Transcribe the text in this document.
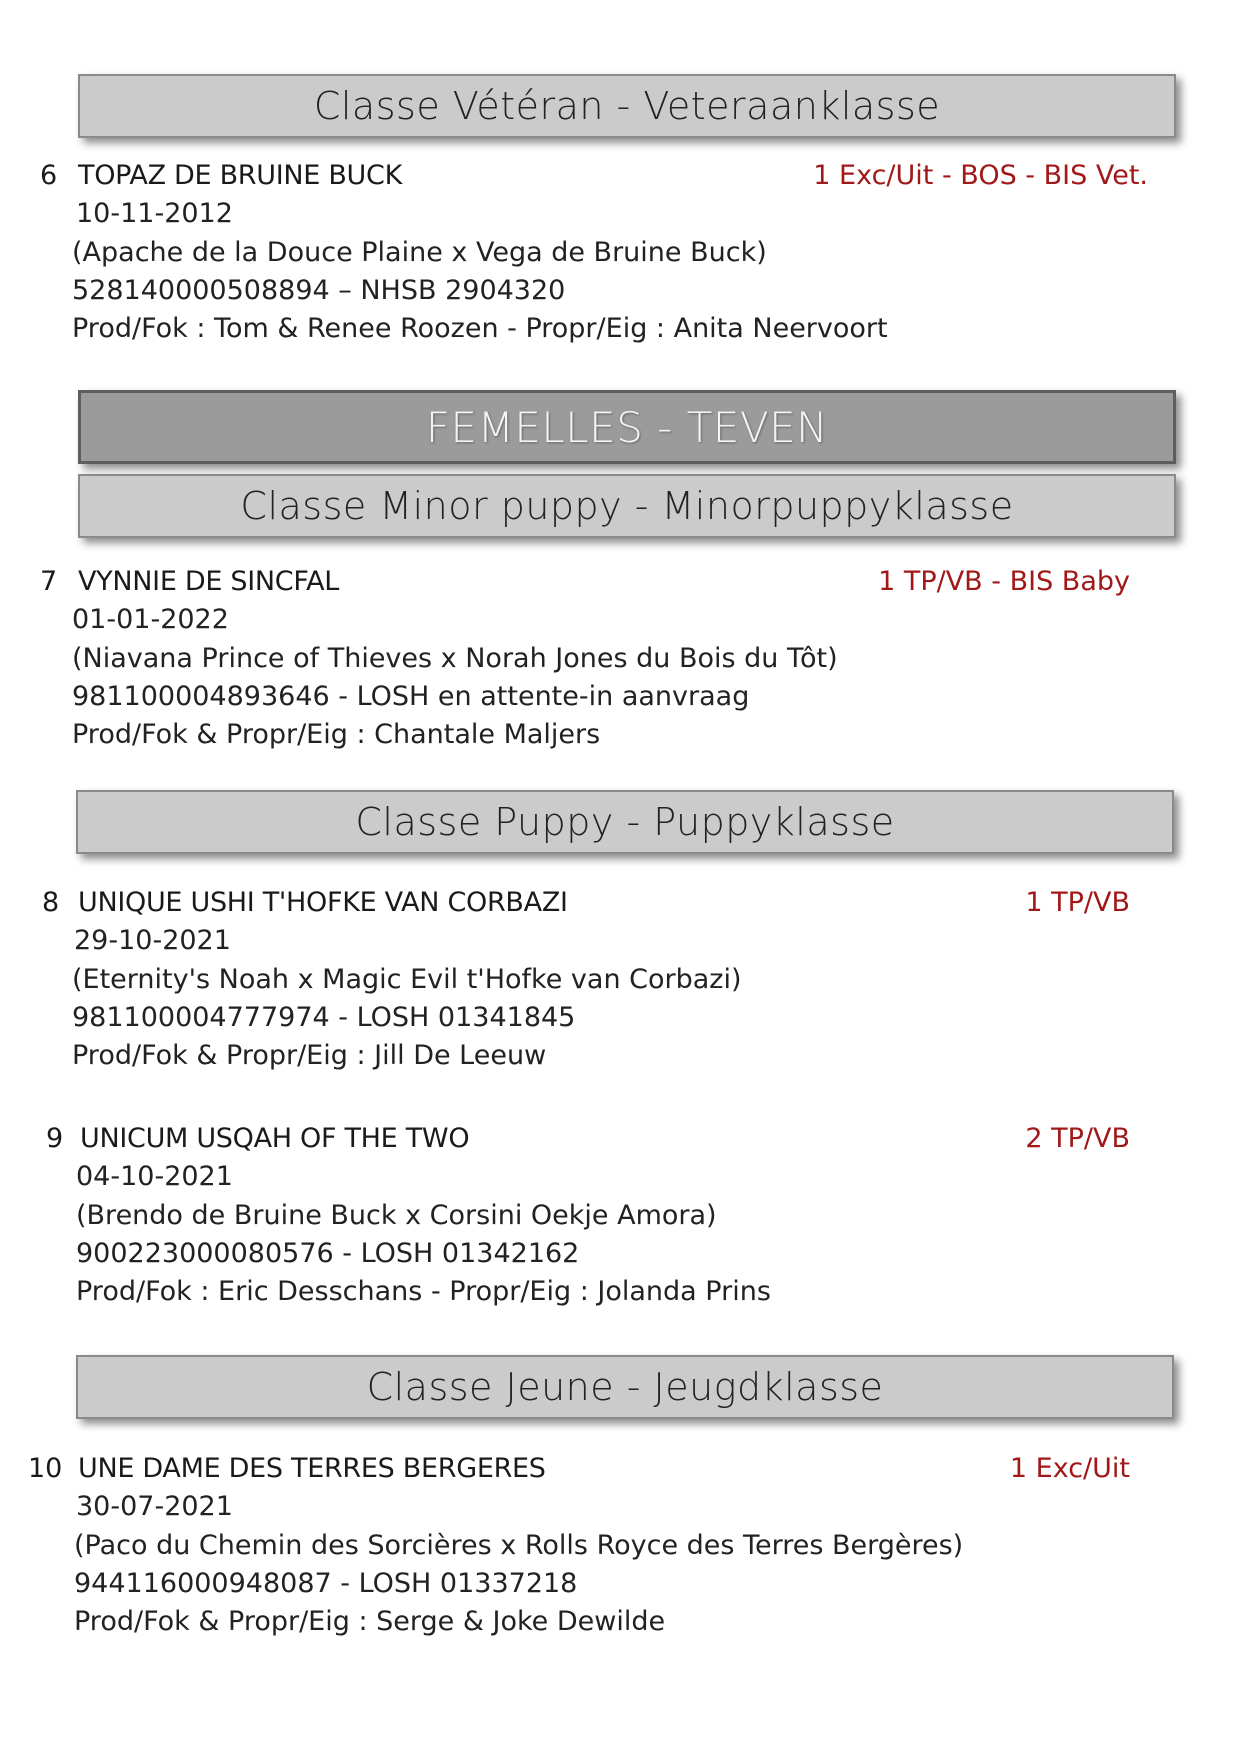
Classe Vétéran - Veteraanklasse
FEMELLES - TEVEN
Classe Minor puppy - Minorpuppyklasse
Classe Puppy - Puppyklasse
Classe Jeune - Jeugdklasse
6 TOPAZ DE BRUINE BUCK	1 Exc/Uit - BOS - BIS Vet.
10-11-2012
(Apache de la Douce Plaine x Vega de Bruine Buck)
528140000508894 – NHSB 2904320
Prod/Fok : Tom & Renee Roozen - Propr/Eig : Anita Neervoort
7 VYNNIE DE SINCFAL	1 TP/VB - BIS Baby
01-01-2022
(Niavana Prince of Thieves x Norah Jones du Bois du Tôt)
981100004893646 - LOSH en attente-in aanvraag
Prod/Fok & Propr/Eig : Chantale Maljers
8 UNIQUE USHI T'HOFKE VAN CORBAZI	1 TP/VB
29-10-2021
(Eternity's Noah x Magic Evil t'Hofke van Corbazi)
981100004777974 - LOSH 01341845
Prod/Fok & Propr/Eig : Jill De Leeuw
9 UNICUM USQAH OF THE TWO	2 TP/VB
04-10-2021
(Brendo de Bruine Buck x Corsini Oekje Amora)
900223000080576 - LOSH 01342162
Prod/Fok : Eric Desschans - Propr/Eig : Jolanda Prins
10 UNE DAME DES TERRES BERGERES	1 Exc/Uit
30-07-2021
(Paco du Chemin des Sorcières x Rolls Royce des Terres Bergères)
944116000948087 - LOSH 01337218
Prod/Fok & Propr/Eig : Serge & Joke Dewilde
